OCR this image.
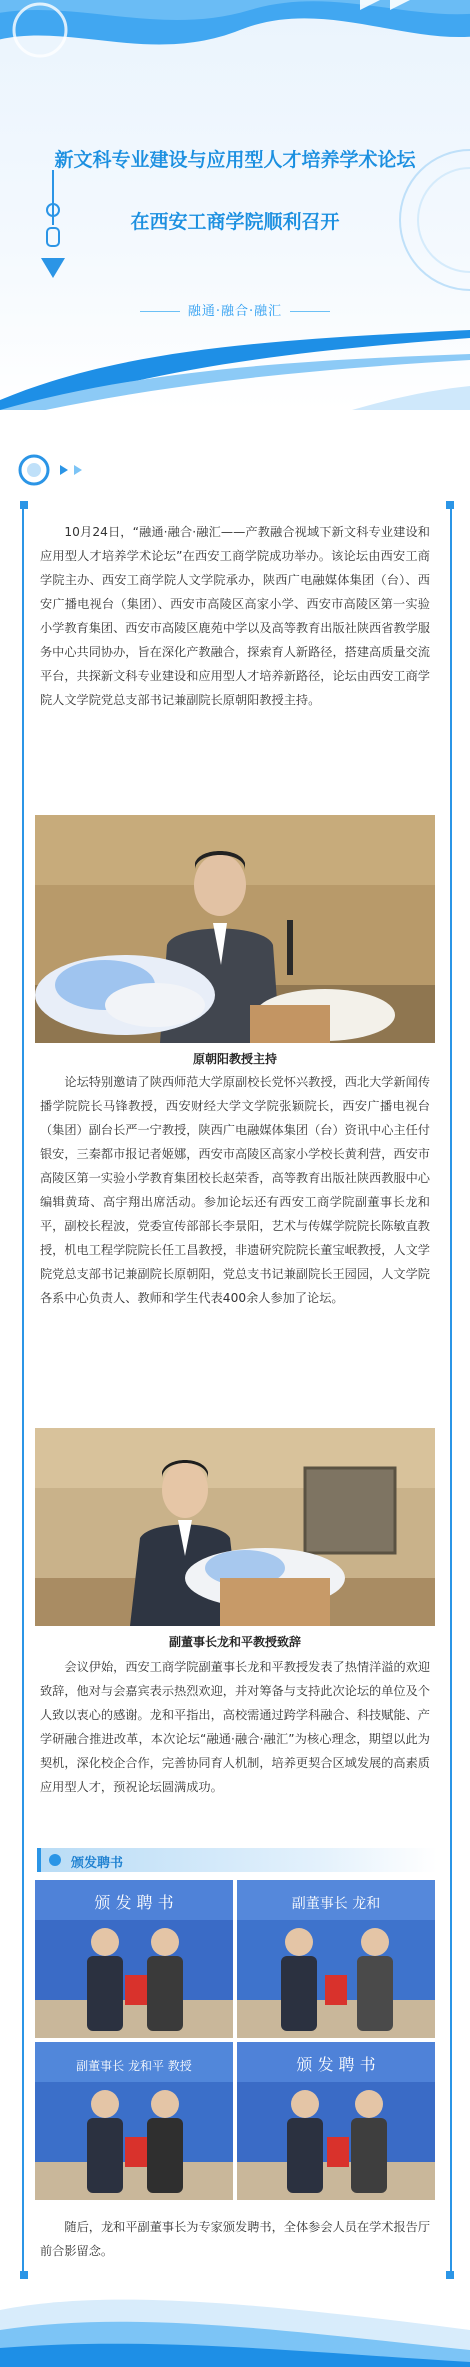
新文科专业建设与应用型人才培养学术论坛
在西安工商学院顺利召开
融通·融合·融汇

10月24日，“融通·融合·融汇——产教融合视域下新文科专业建设和应用型人才培养学术论坛”在西安工商学院成功举办。该论坛由西安工商学院主办、西安工商学院人文学院承办，陕西广电融媒体集团（台）、西安广播电视台（集团）、西安市高陵区高家小学、西安市高陵区第一实验小学教育集团、西安市高陵区鹿苑中学以及高等教育出版社陕西省教学服务中心共同协办，旨在深化产教融合，探索育人新路径，搭建高质量交流平台，共探新文科专业建设和应用型人才培养新路径，论坛由西安工商学院人文学院党总支部书记兼副院长原朝阳教授主持。

原朝阳教授主持

论坛特别邀请了陕西师范大学原副校长党怀兴教授，西北大学新闻传播学院院长马锋教授，西安财经大学文学院张颖院长，西安广播电视台（集团）副台长严一宁教授，陕西广电融媒体集团（台）资讯中心主任付银安，三秦都市报记者姬娜，西安市高陵区高家小学校长黄利营，西安市高陵区第一实验小学教育集团校长赵荣香，高等教育出版社陕西教服中心编辑黄琦、高宇翔出席活动。参加论坛还有西安工商学院副董事长龙和平，副校长程波，党委宣传部部长李景阳，艺术与传媒学院院长陈敏直教授，机电工程学院院长任工昌教授，非遗研究院院长董宝岷教授，人文学院党总支部书记兼副院长原朝阳，党总支书记兼副院长王园园，人文学院各系中心负责人、教师和学生代表400余人参加了论坛。

副董事长龙和平教授致辞

会议伊始，西安工商学院副董事长龙和平教授发表了热情洋溢的欢迎致辞，他对与会嘉宾表示热烈欢迎，并对筹备与支持此次论坛的单位及个人致以衷心的感谢。龙和平指出，高校需通过跨学科融合、科技赋能、产学研融合推进改革，本次论坛“融通·融合·融汇”为核心理念，期望以此为契机，深化校企合作，完善协同育人机制，培养更契合区域发展的高素质应用型人才，预祝论坛圆满成功。

颁发聘书
颁 发 聘 书	副董事长 龙和
副董事长 龙和平 教授	颁 发 聘 书

随后，龙和平副董事长为专家颁发聘书，全体参会人员在学术报告厅前合影留念。
